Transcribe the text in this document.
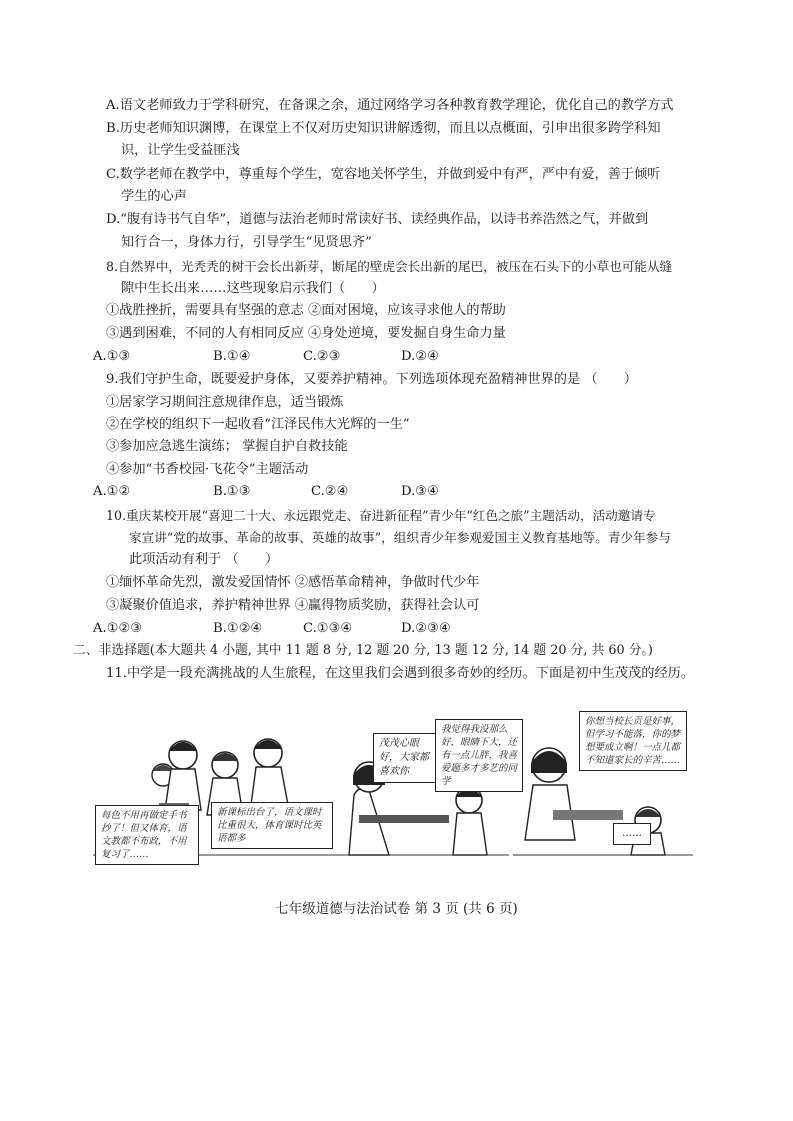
A.语文老师致力于学科研究，在备课之余，通过网络学习各种教育教学理论，优化自己的教学方式
B.历史老师知识渊博，在课堂上不仅对历史知识讲解透彻，而且以点概面，引申出很多跨学科知
识，让学生受益匪浅
C.数学老师在教学中，尊重每个学生，宽容地关怀学生，并做到爱中有严，严中有爱，善于倾听
学生的心声
D.“腹有诗书气自华”，道德与法治老师时常读好书、读经典作品，以诗书养浩然之气，并做到
知行合一，身体力行，引导学生“见贤思齐”
8.自然界中，光秃秃的树干会长出新芽，断尾的壁虎会长出新的尾巴，被压在石头下的小草也可能从缝
隙中生长出来……这些现象启示我们（　　）
①战胜挫折，需要具有坚强的意志 ②面对困境，应该寻求他人的帮助
③遇到困难，不同的人有相同反应 ④身处逆境，要发掘自身生命力量
A.①③	B.①④	C.②③	D.②④
9.我们守护生命，既要爱护身体，又要养护精神。下列选项体现充盈精神世界的是 （　　）
①居家学习期间注意规律作息，适当锻炼
②在学校的组织下一起收看“江泽民伟大光辉的一生”
③参加应急逃生演练； 掌握自护自救技能
④参加“书香校园·飞花令”主题活动
A.①②	B.①③	C.②④	D.③④
10.重庆某校开展“喜迎二十大、永远跟党走、奋进新征程”青少年“红色之旅”主题活动，活动邀请专
家宣讲“党的故事、革命的故事、英雄的故事”，组织青少年参观爱国主义教育基地等。青少年参与
此项活动有利于 （　　）
①缅怀革命先烈，激发爱国情怀 ②感悟革命精神，争做时代少年
③凝聚价值追求，养护精神世界 ④赢得物质奖励，获得社会认可
A.①②③	B.①②④	C.①③④	D.②③④
二、非选择题(本大题共 4 小题, 其中 11 题 8 分, 12 题 20 分, 13 题 12 分, 14 题 20 分, 共 60 分。)
11.中学是一段充满挑战的人生旅程，在这里我们会遇到很多奇妙的经历。下面是初中生茂茂的经历。
每色不用再做定手书抄了！但又体育，语文教都不布政，不用复习了……
新课标出台了，语文课时比重很大，体育课时比英语都多
茂茂心眼好，大家都喜欢你
我觉得我没那么好，眼睛下大，还有一点儿胖，我喜爱题多才多艺的同学
你想当校长贡是好事，但学习不能落，你的梦想要成立啊！一点儿都不知道家长的辛苦……
……
七年级道德与法治试卷 第 3 页 (共 6 页)
